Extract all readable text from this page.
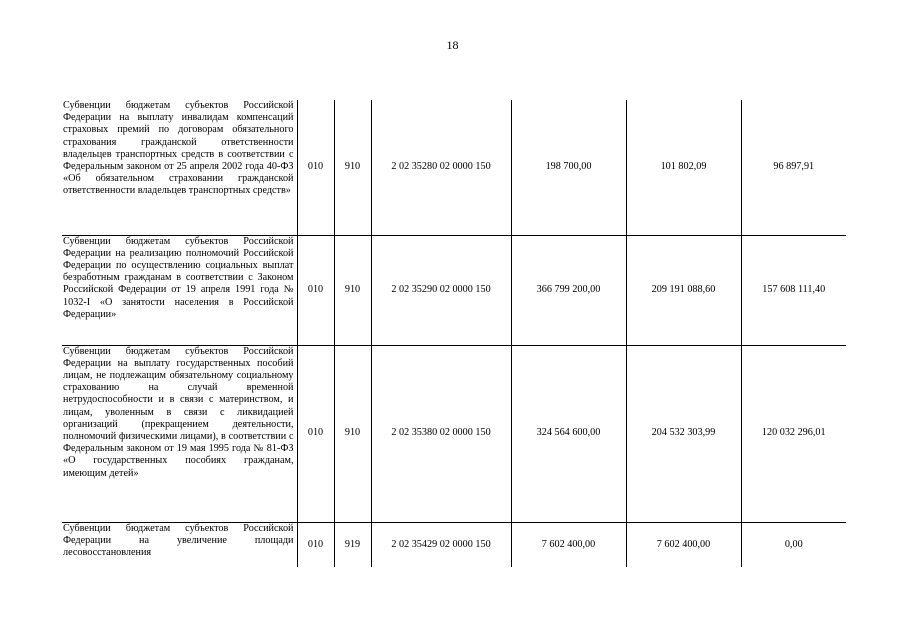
18
Субвенции бюджетам субъектов Российской Федерации на выплату инвалидам компенсаций страховых премий по договорам обязательного страхования гражданской ответственности владельцев транспортных средств в соответствии с Федеральным законом от 25 апреля 2002 года 40-ФЗ «Об обязательном страховании гражданской ответственности владельцев транспортных средств»	010	910	2 02 35280 02 0000 150	198 700,00	101 802,09	96 897,91
Субвенции бюджетам субъектов Российской Федерации на реализацию полномочий Российской Федерации по осуществлению социальных выплат безработным гражданам в соответствии с Законом Российской Федерации от 19 апреля 1991 года № 1032-I «О занятости населения в Российской Федерации»	010	910	2 02 35290 02 0000 150	366 799 200,00	209 191 088,60	157 608 111,40
Субвенции бюджетам субъектов Российской Федерации на выплату государственных пособий лицам, не подлежащим обязательному социальному страхованию на случай временной нетрудоспособности и в связи с материнством, и лицам, уволенным в связи с ликвидацией организаций (прекращением деятельности, полномочий физическими лицами), в соответствии с Федеральным законом от 19 мая 1995 года № 81-ФЗ «О государственных пособиях гражданам, имеющим детей»	010	910	2 02 35380 02 0000 150	324 564 600,00	204 532 303,99	120 032 296,01
Субвенции бюджетам субъектов Российской Федерации на увеличение площади лесовосстановления	010	919	2 02 35429 02 0000 150	7 602 400,00	7 602 400,00	0,00
